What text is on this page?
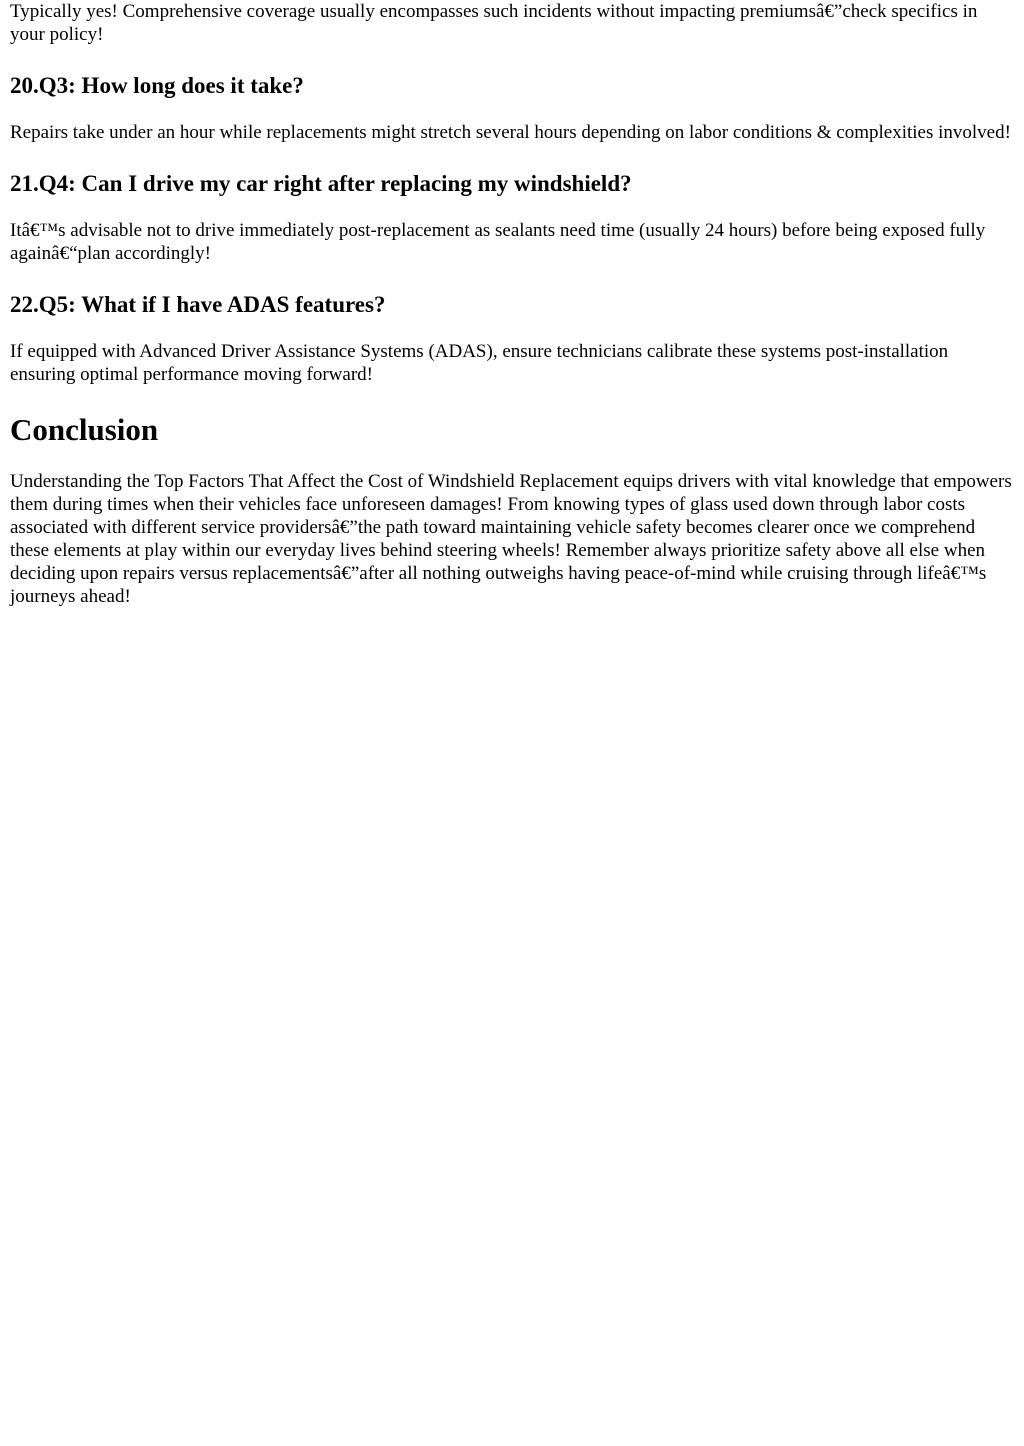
Typically yes! Comprehensive coverage usually encompasses such incidents without impacting premiumsâ€”check specifics in your policy!

20.Q3: How long does it take?

Repairs take under an hour while replacements might stretch several hours depending on labor conditions & complexities involved!

21.Q4: Can I drive my car right after replacing my windshield?

Itâ€™s advisable not to drive immediately post-replacement as sealants need time (usually 24 hours) before being exposed fully againâ€“plan accordingly!

22.Q5: What if I have ADAS features?

If equipped with Advanced Driver Assistance Systems (ADAS), ensure technicians calibrate these systems post-installation ensuring optimal performance moving forward!

Conclusion

Understanding the Top Factors That Affect the Cost of Windshield Replacement equips drivers with vital knowledge that empowers them during times when their vehicles face unforeseen damages! From knowing types of glass used down through labor costs associated with different service providersâ€”the path toward maintaining vehicle safety becomes clearer once we comprehend these elements at play within our everyday lives behind steering wheels! Remember always prioritize safety above all else when deciding upon repairs versus replacementsâ€”after all nothing outweighs having peace-of-mind while cruising through lifeâ€™s journeys ahead!
